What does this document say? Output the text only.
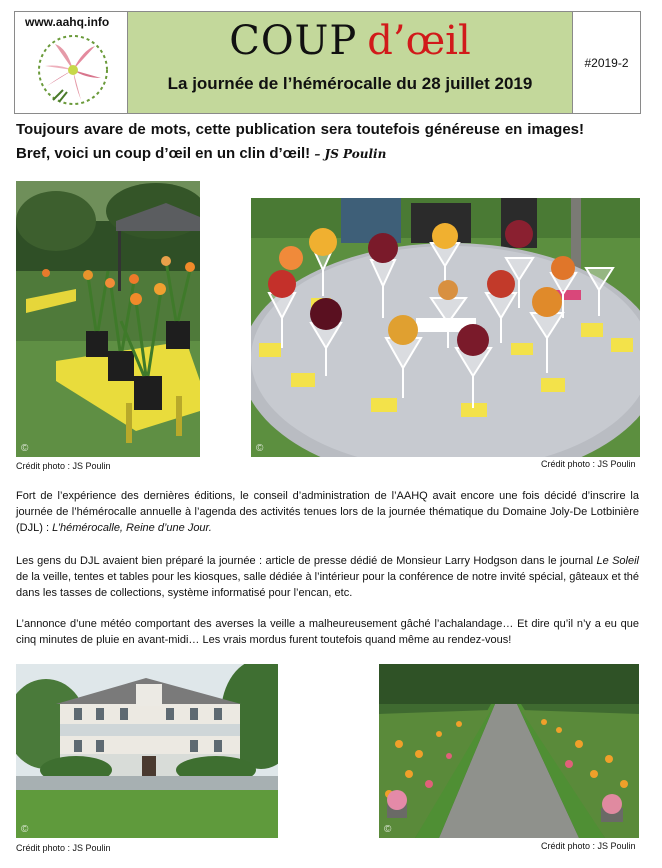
www.aahq.info	COUP d’œil
La journée de l’hémérocalle du 28 juillet 2019
#2019-2
Toujours avare de mots, cette publication sera toutefois généreuse en images! Bref, voici un coup d’œil en un clin d’œil! – JS Poulin
©
Crédit photo : JS Poulin
©
Crédit photo : JS Poulin

Fort de l’expérience des dernières éditions, le conseil d’administration de l’AAHQ avait encore une fois décidé d’inscrire la journée de l’hémérocalle annuelle à l’agenda des activités tenues lors de la journée thématique du Domaine Joly-De Lotbinière (DJL) : L’hémérocalle, Reine d’une Jour.

Les gens du DJL avaient bien préparé la journée : article de presse dédié de Monsieur Larry Hodgson dans le journal Le Soleil de la veille, tentes et tables pour les kiosques, salle dédiée à l’intérieur pour la conférence de notre invité spécial, gâteaux et thé dans les tasses de collections, système informatisé pour l’encan, etc.

L’annonce d’une météo comportant des averses la veille a malheureusement gâché l’achalandage… Et dire qu’il n’y a eu que cinq minutes de pluie en avant-midi… Les vrais mordus furent toutefois quand même au rendez-vous!

©
Crédit photo : JS Poulin
©
Crédit photo : JS Poulin
